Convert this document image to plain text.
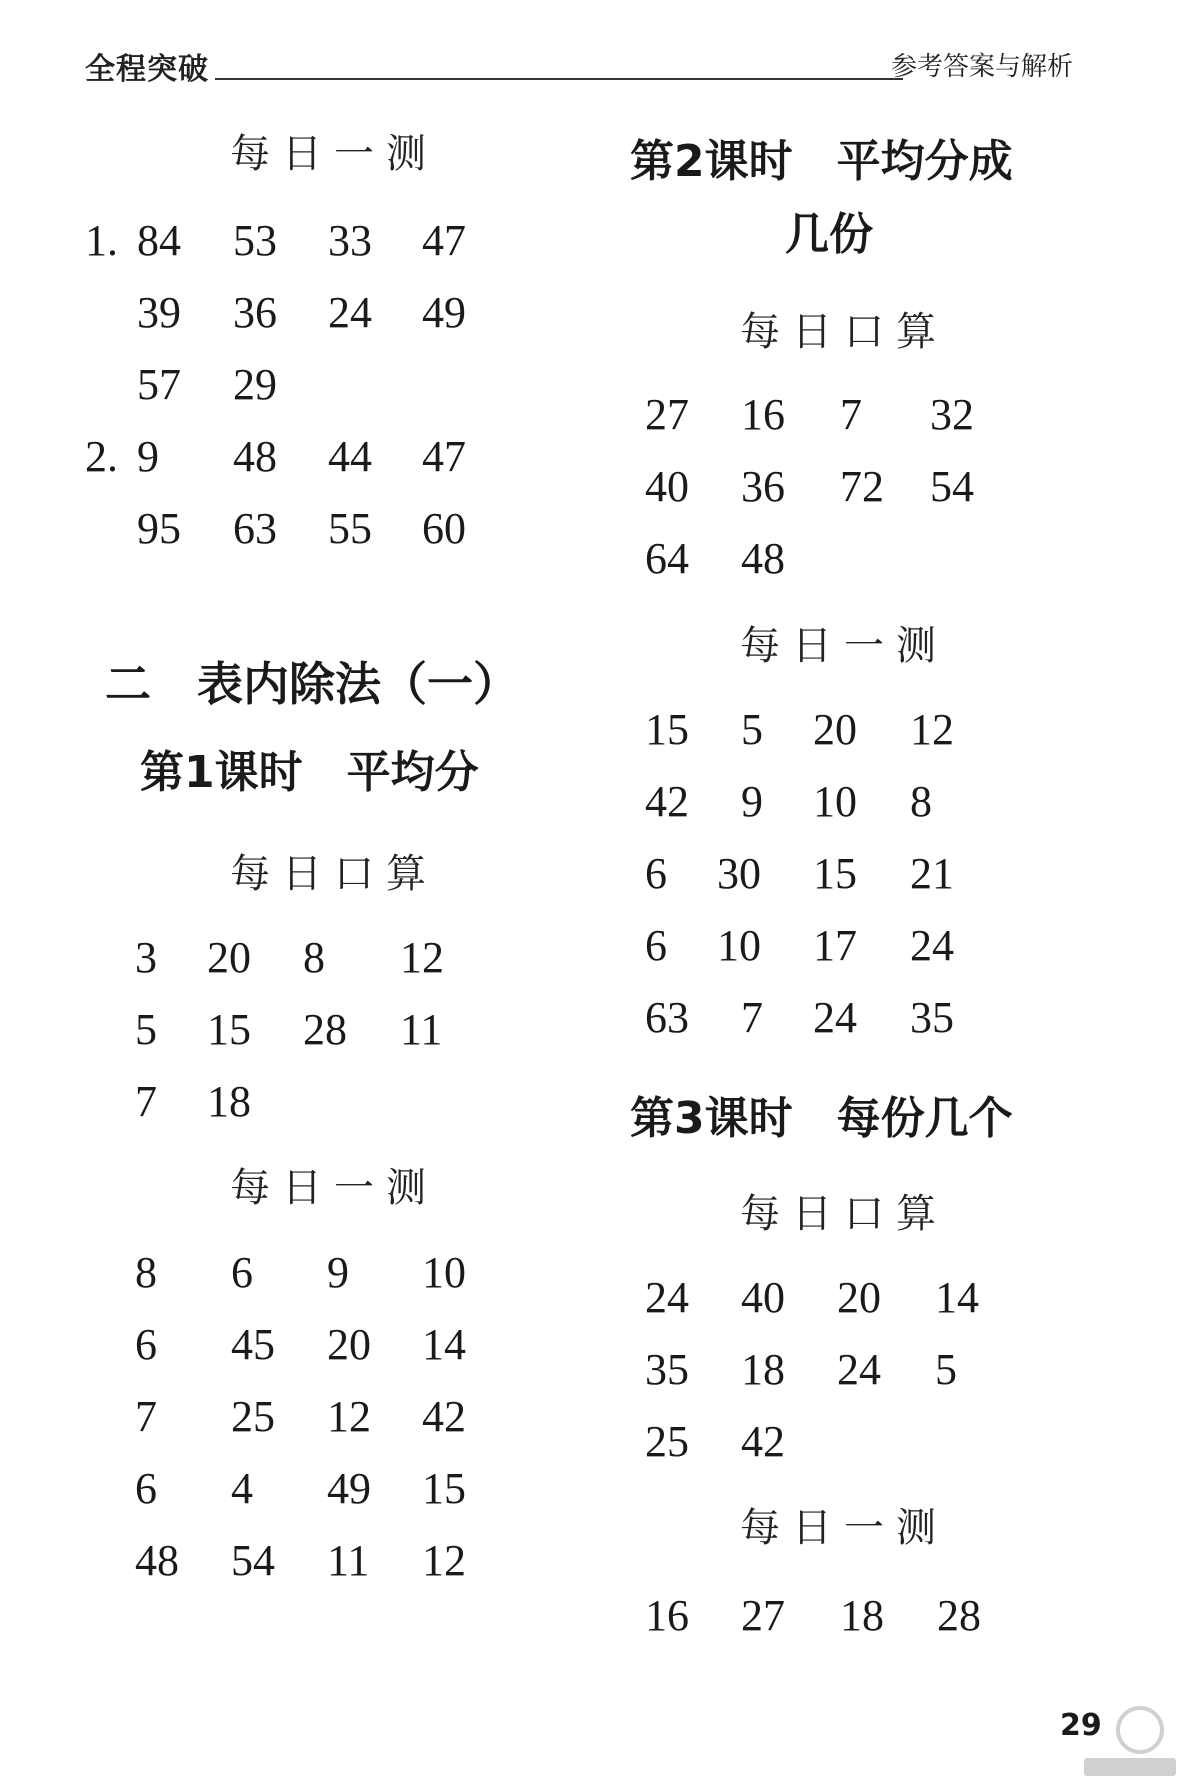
全程突破	参考答案与解析
每日一测
1. 84 53 33 47
39 36 24 49
57 29
2. 9 48 44 47
95 63 55 60
二　表内除法（一）
第1课时　平均分
每日口算
3 20 8 12
5 15 28 11
7 18
每日一测
8 6 9 10
6 45 20 14
7 25 12 42
6 4 49 15
48 54 11 12
第2课时　平均分成
几份
每日口算
27 16 7 32
40 36 72 54
64 48
每日一测
15 5 20 12
42 9 10 8
6 30 15 21
6 10 17 24
63 7 24 35
第3课时　每份几个
每日口算
24 40 20 14
35 18 24 5
25 42
每日一测
16 27 18 28
29
